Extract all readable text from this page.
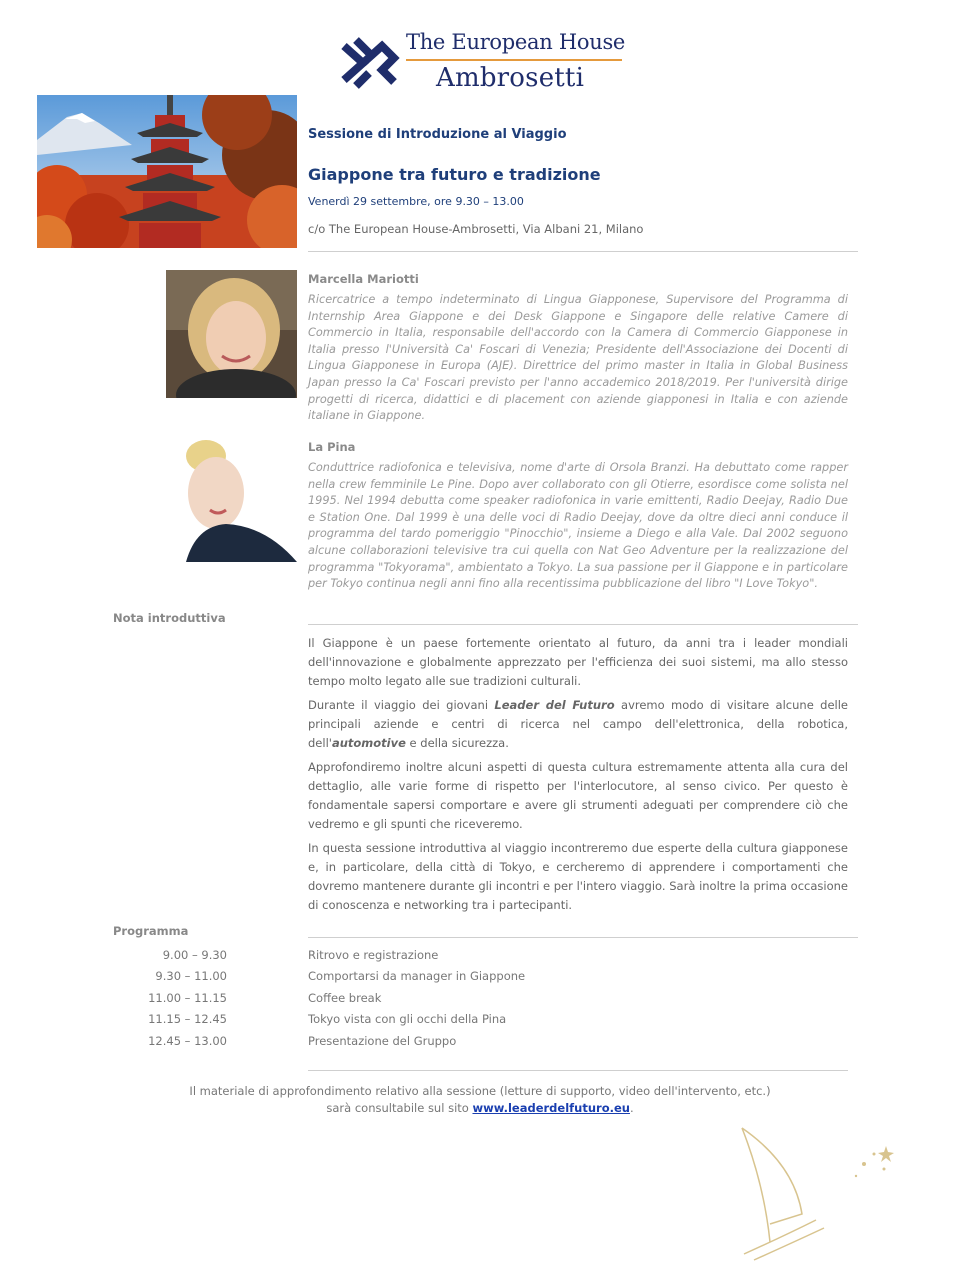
The European House
Ambrosetti
Sessione di Introduzione al Viaggio
Giappone tra futuro e tradizione
Venerdì 29 settembre, ore 9.30 – 13.00
c/o The European House-Ambrosetti, Via Albani 21, Milano
Marcella Mariotti
Ricercatrice a tempo indeterminato di Lingua Giapponese, Supervisore del Programma di Internship Area Giappone e dei Desk Giappone e Singapore delle relative Camere di Commercio in Italia, responsabile dell'accordo con la Camera di Commercio Giapponese in Italia presso l'Università Ca' Foscari di Venezia; Presidente dell'Associazione dei Docenti di Lingua Giapponese in Europa (AJE). Direttrice del primo master in Italia in Global Business Japan presso la Ca' Foscari previsto per l'anno accademico 2018/2019. Per l'università dirige progetti di ricerca, didattici e di placement con aziende giapponesi in Italia e con aziende italiane in Giappone.
La Pina
Conduttrice radiofonica e televisiva, nome d'arte di Orsola Branzi. Ha debuttato come rapper nella crew femminile Le Pine. Dopo aver collaborato con gli Otierre, esordisce come solista nel 1995. Nel 1994 debutta come speaker radiofonica in varie emittenti, Radio Deejay, Radio Due e Station One. Dal 1999 è una delle voci di Radio Deejay, dove da oltre dieci anni conduce il programma del tardo pomeriggio "Pinocchio", insieme a Diego e alla Vale. Dal 2002 seguono alcune collaborazioni televisive tra cui quella con Nat Geo Adventure per la realizzazione del programma "Tokyorama", ambientato a Tokyo. La sua passione per il Giappone e in particolare per Tokyo continua negli anni fino alla recentissima pubblicazione del libro "I Love Tokyo".
Nota introduttiva

Il Giappone è un paese fortemente orientato al futuro, da anni tra i leader mondiali dell'innovazione e globalmente apprezzato per l'efficienza dei suoi sistemi, ma allo stesso tempo molto legato alle sue tradizioni culturali.

Durante il viaggio dei giovani Leader del Futuro avremo modo di visitare alcune delle principali aziende e centri di ricerca nel campo dell'elettronica, della robotica, dell'automotive e della sicurezza.

Approfondiremo inoltre alcuni aspetti di questa cultura estremamente attenta alla cura del dettaglio, alle varie forme di rispetto per l'interlocutore, al senso civico. Per questo è fondamentale sapersi comportare e avere gli strumenti adeguati per comprendere ciò che vedremo e gli spunti che riceveremo.

In questa sessione introduttiva al viaggio incontreremo due esperte della cultura giapponese e, in particolare, della città di Tokyo, e cercheremo di apprendere i comportamenti che dovremo mantenere durante gli incontri e per l'intero viaggio. Sarà inoltre la prima occasione di conoscenza e networking tra i partecipanti.

Programma
9.00 – 9.30	Ritrovo e registrazione
9.30 – 11.00	Comportarsi da manager in Giappone
11.00 – 11.15	Coffee break
11.15 – 12.45	Tokyo vista con gli occhi della Pina
12.45 – 13.00	Presentazione del Gruppo
Il materiale di approfondimento relativo alla sessione (letture di supporto, video dell'intervento, etc.)
sarà consultabile sul sito www.leaderdelfuturo.eu.
